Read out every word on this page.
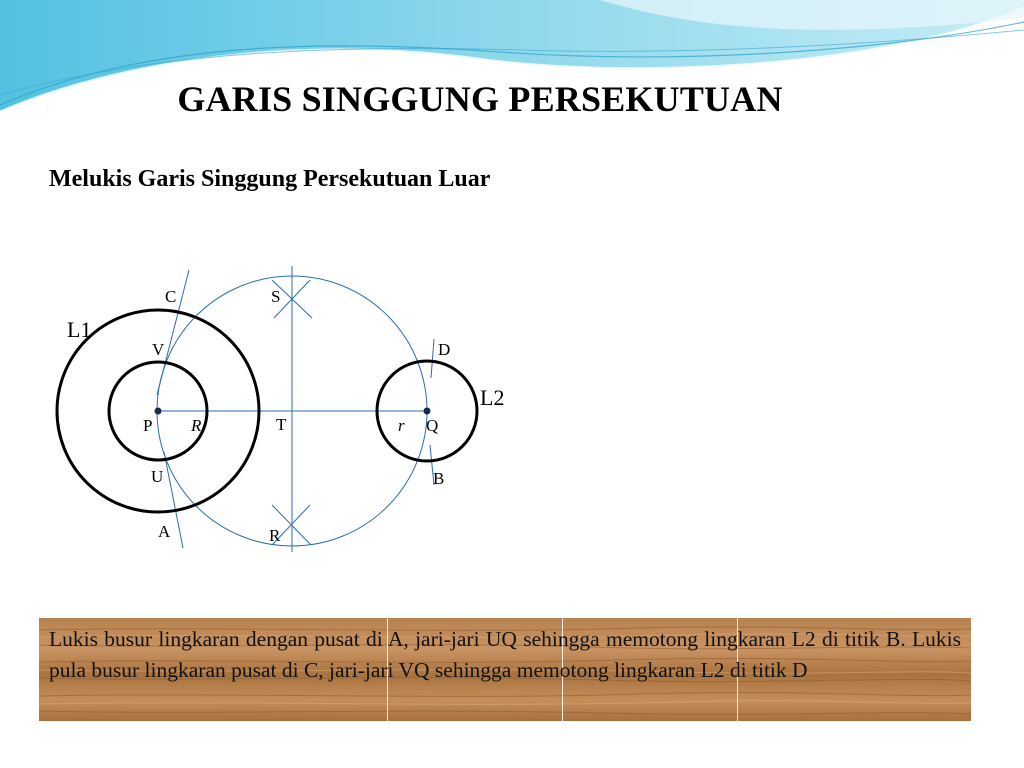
GARIS SINGGUNG PERSEKUTUAN
Melukis Garis Singgung Persekutuan Luar
L1
L2
C	S
V	D
P R	T	r Q
U	B
A	R
Lukis busur lingkaran dengan pusat di A, jari-jari UQ sehingga memotong lingkaran L2 di titik B. Lukis pula busur lingkaran pusat di C, jari-jari VQ sehingga memotong lingkaran L2 di titik D
